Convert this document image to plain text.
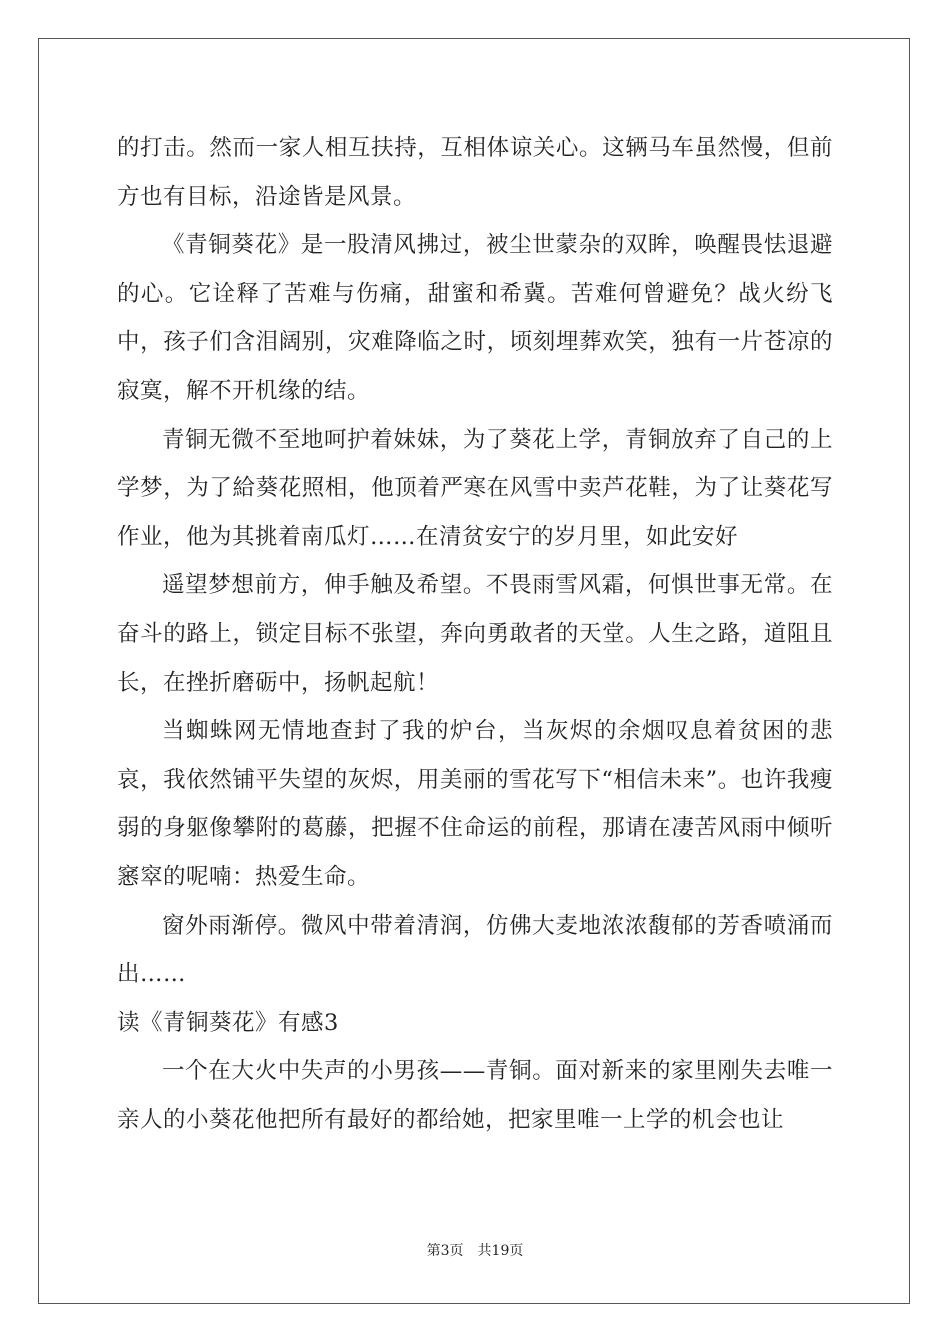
的打击。然而一家人相互扶持，互相体谅关心。这辆马车虽然慢，但前方也有目标，沿途皆是风景。

《青铜葵花》是一股清风拂过，被尘世蒙杂的双眸，唤醒畏怯退避的心。它诠释了苦难与伤痛，甜蜜和希冀。苦难何曾避免？战火纷飞中，孩子们含泪阔别，灾难降临之时，顷刻埋葬欢笑，独有一片苍凉的寂寞，解不开机缘的结。

青铜无微不至地呵护着妹妹，为了葵花上学，青铜放弃了自己的上学梦，为了給葵花照相，他顶着严寒在风雪中卖芦花鞋，为了让葵花写作业，他为其挑着南瓜灯……在清贫安宁的岁月里，如此安好

遥望梦想前方，伸手触及希望。不畏雨雪风霜，何惧世事无常。在奋斗的路上，锁定目标不张望，奔向勇敢者的天堂。人生之路，道阻且长，在挫折磨砺中，扬帆起航！

当蜘蛛网无情地查封了我的炉台，当灰烬的余烟叹息着贫困的悲哀，我依然铺平失望的灰烬，用美丽的雪花写下“相信未来”。也许我瘦弱的身躯像攀附的葛藤，把握不住命运的前程，那请在凄苦风雨中倾听窸窣的呢喃：热爱生命。

窗外雨渐停。微风中带着清润，仿佛大麦地浓浓馥郁的芳香喷涌而出……

读《青铜葵花》有感3

一个在大火中失声的小男孩——青铜。面对新来的家里刚失去唯一亲人的小葵花他把所有最好的都给她，把家里唯一上学的机会也让

第3页　共19页
